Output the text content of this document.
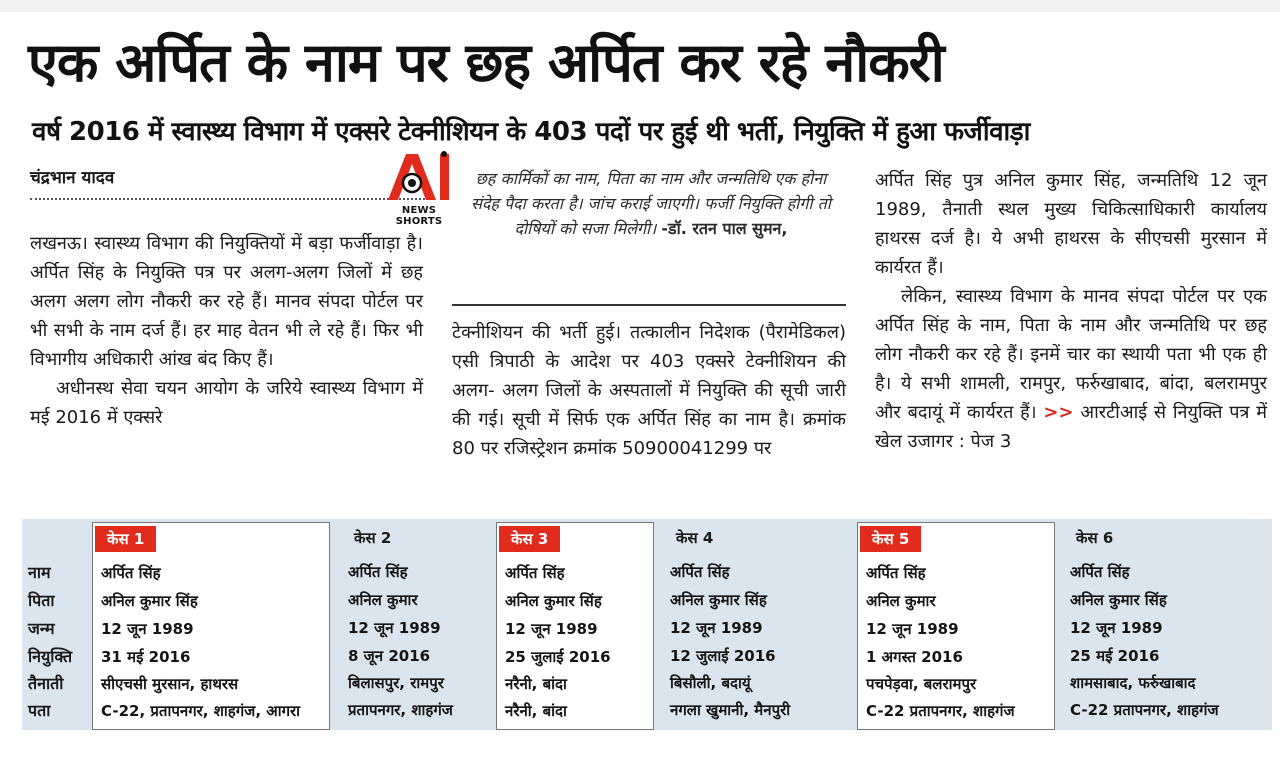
एक अर्पित के नाम पर छह अर्पित कर रहे नौकरी
वर्ष 2016 में स्वास्थ्य विभाग में एक्सरे टेक्नीशियन के 403 पदों पर हुई थी भर्ती, नियुक्ति में हुआ फर्जीवाड़ा
चंद्रभान यादव
NEWS SHORTS

लखनऊ। स्वास्थ्य विभाग की नियुक्तियों में बड़ा फर्जीवाड़ा है। अर्पित सिंह के नियुक्ति पत्र पर अलग-अलग जिलों में छह अलग अलग लोग नौकरी कर रहे हैं। मानव संपदा पोर्टल पर भी सभी के नाम दर्ज हैं। हर माह वेतन भी ले रहे हैं। फिर भी विभागीय अधिकारी आंख बंद किए हैं।

अधीनस्थ सेवा चयन आयोग के जरिये स्वास्थ्य विभाग में मई 2016 में एक्सरे

छह कार्मिकों का नाम, पिता का नाम और जन्मतिथि एक होना संदेह पैदा करता है। जांच कराई जाएगी। फर्जी नियुक्ति होगी तो दोषियों को सजा मिलेगी। -डॉ. रतन पाल सुमन,

टेक्नीशियन की भर्ती हुई। तत्कालीन निदेशक (पैरामेडिकल) एसी त्रिपाठी के आदेश पर 403 एक्सरे टेक्नीशियन की अलग- अलग जिलों के अस्पतालों में नियुक्ति की सूची जारी की गई। सूची में सिर्फ एक अर्पित सिंह का नाम है। क्रमांक 80 पर रजिस्ट्रेशन क्रमांक 50900041299 पर

अर्पित सिंह पुत्र अनिल कुमार सिंह, जन्मतिथि 12 जून 1989, तैनाती स्थल मुख्य चिकित्साधिकारी कार्यालय हाथरस दर्ज है। ये अभी हाथरस के सीएचसी मुरसान में कार्यरत हैं।

लेकिन, स्वास्थ्य विभाग के मानव संपदा पोर्टल पर एक अर्पित सिंह के नाम, पिता के नाम और जन्मतिथि पर छह लोग नौकरी कर रहे हैं। इनमें चार का स्थायी पता भी एक ही है। ये सभी शामली, रामपुर, फर्रुखाबाद, बांदा, बलरामपुर और बदायूं में कार्यरत हैं। >> आरटीआई से नियुक्ति पत्र में खेल उजागर : पेज 3

नाम
पिता
जन्म
नियुक्ति
तैनाती
पता
केस 1
अर्पित सिंह
अनिल कुमार सिंह
12 जून 1989
31 मई 2016
सीएचसी मुरसान, हाथरस
C-22, प्रतापनगर, शाहगंज, आगरा
केस 2
अर्पित सिंह
अनिल कुमार
12 जून 1989
8 जून 2016
बिलासपुर, रामपुर
प्रतापनगर, शाहगंज
केस 3
अर्पित सिंह
अनिल कुमार सिंह
12 जून 1989
25 जुलाई 2016
नरैनी, बांदा
नरैनी, बांदा
केस 4
अर्पित सिंह
अनिल कुमार सिंह
12 जून 1989
12 जुलाई 2016
बिसौली, बदायूं
नगला खुमानी, मैनपुरी
केस 5
अर्पित सिंह
अनिल कुमार
12 जून 1989
1 अगस्त 2016
पचपेड़वा, बलरामपुर
C-22 प्रतापनगर, शाहगंज
केस 6
अर्पित सिंह
अनिल कुमार सिंह
12 जून 1989
25 मई 2016
शामसाबाद, फर्रुखाबाद
C-22 प्रतापनगर, शाहगंज
